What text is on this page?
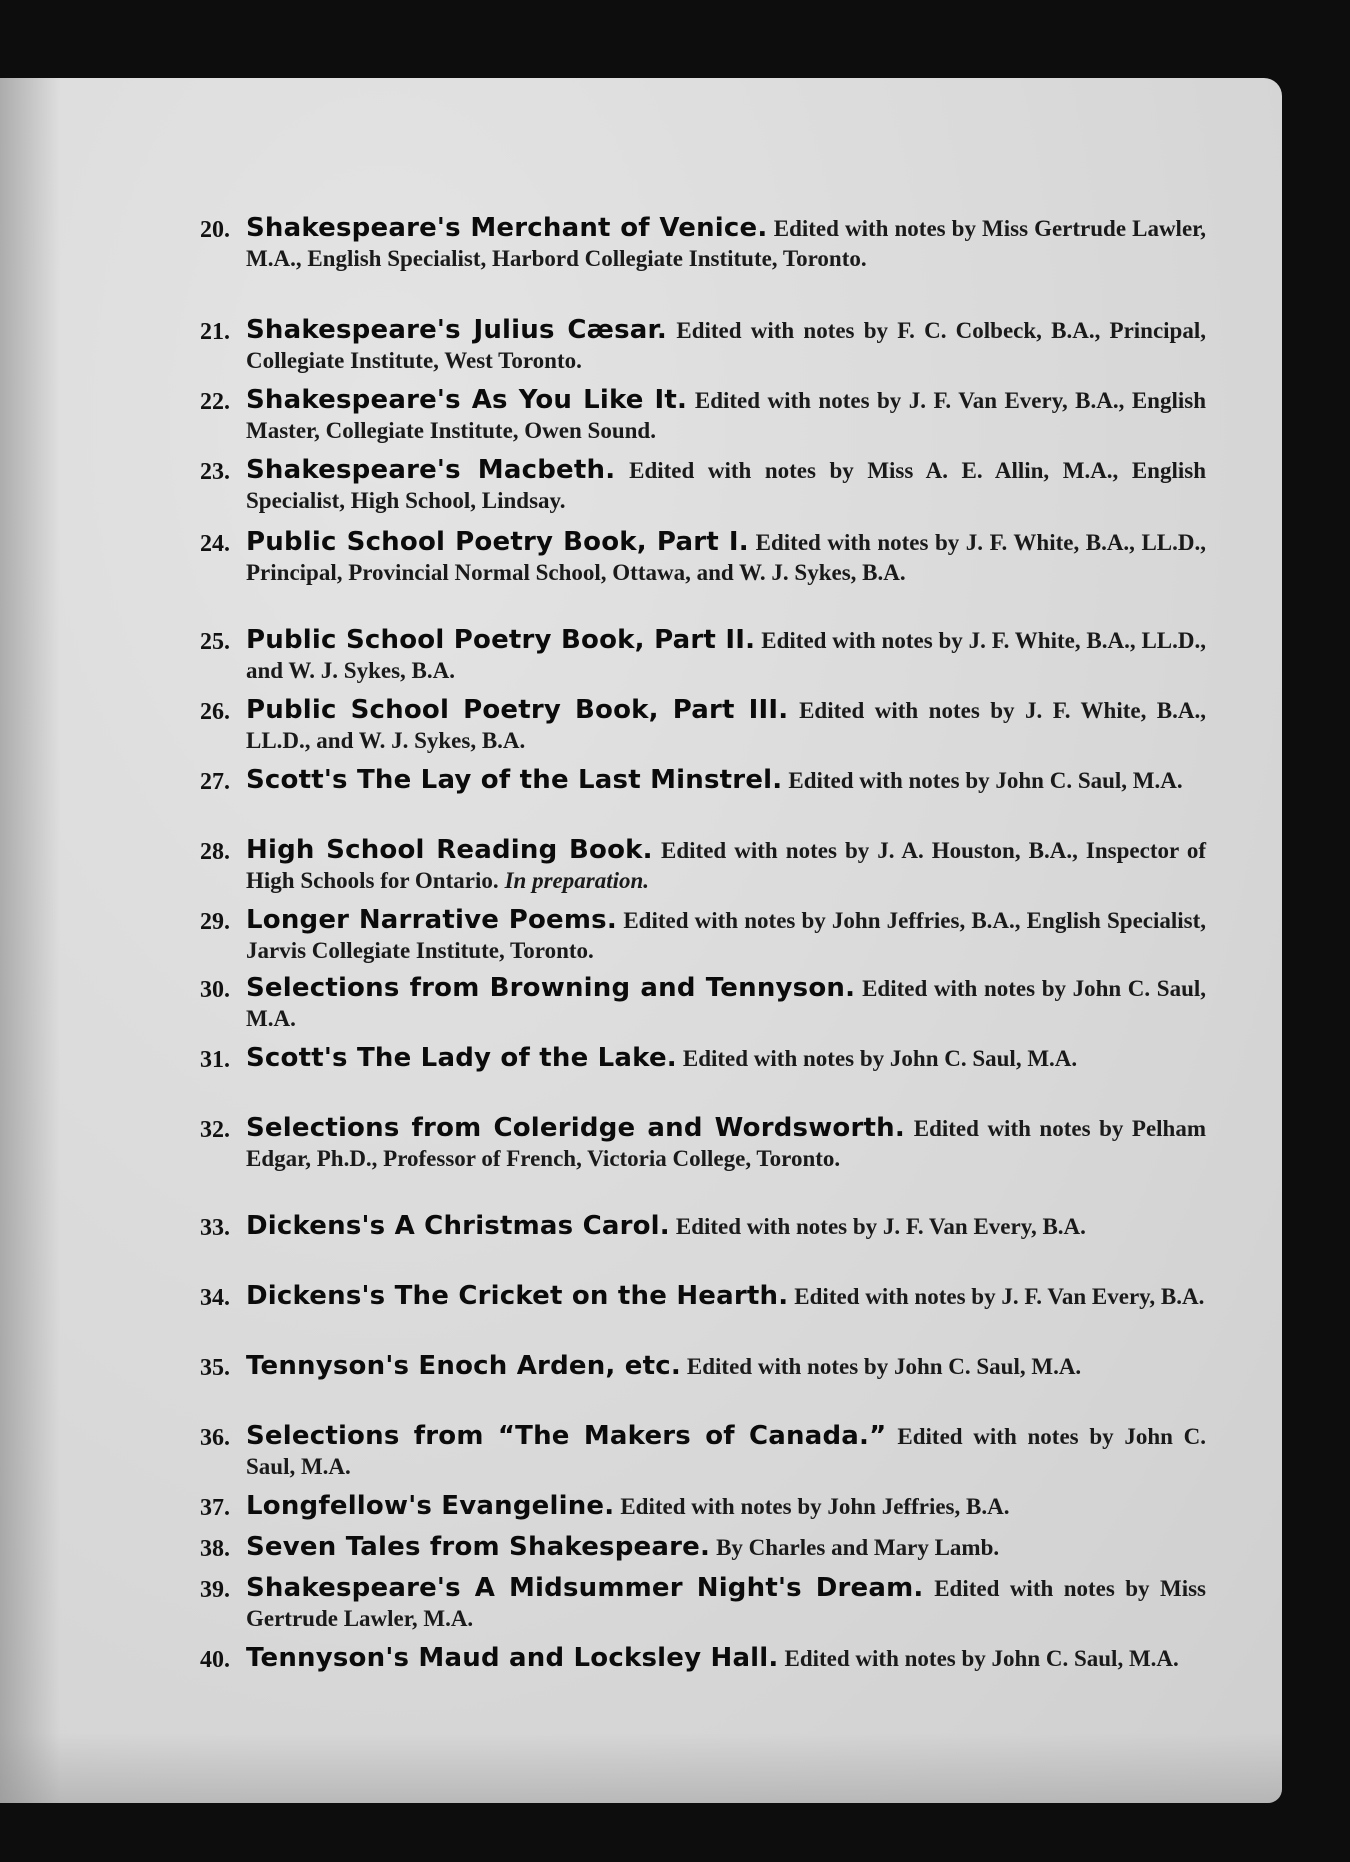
20. Shakespeare's Merchant of Venice. Edited with notes by Miss Gertrude Lawler, M.A., English Specialist, Harbord Collegiate Institute, Toronto.
21. Shakespeare's Julius Cæsar. Edited with notes by F. C. Colbeck, B.A., Principal, Collegiate Institute, West Toronto.
22. Shakespeare's As You Like It. Edited with notes by J. F. Van Every, B.A., English Master, Collegiate Institute, Owen Sound.
23. Shakespeare's Macbeth. Edited with notes by Miss A. E. Allin, M.A., English Specialist, High School, Lindsay.
24. Public School Poetry Book, Part I. Edited with notes by J. F. White, B.A., LL.D., Principal, Provincial Normal School, Ottawa, and W. J. Sykes, B.A.
25. Public School Poetry Book, Part II. Edited with notes by J. F. White, B.A., LL.D., and W. J. Sykes, B.A.
26. Public School Poetry Book, Part III. Edited with notes by J. F. White, B.A., LL.D., and W. J. Sykes, B.A.
27. Scott's The Lay of the Last Minstrel. Edited with notes by John C. Saul, M.A.
28. High School Reading Book. Edited with notes by J. A. Houston, B.A., Inspector of High Schools for Ontario. In preparation.
29. Longer Narrative Poems. Edited with notes by John Jeffries, B.A., English Specialist, Jarvis Collegiate Institute, Toronto.
30. Selections from Browning and Tennyson. Edited with notes by John C. Saul, M.A.
31. Scott's The Lady of the Lake. Edited with notes by John C. Saul, M.A.
32. Selections from Coleridge and Wordsworth. Edited with notes by Pelham Edgar, Ph.D., Professor of French, Victoria College, Toronto.
33. Dickens's A Christmas Carol. Edited with notes by J. F. Van Every, B.A.
34. Dickens's The Cricket on the Hearth. Edited with notes by J. F. Van Every, B.A.
35. Tennyson's Enoch Arden, etc. Edited with notes by John C. Saul, M.A.
36. Selections from “The Makers of Canada.” Edited with notes by John C. Saul, M.A.
37. Longfellow's Evangeline. Edited with notes by John Jeffries, B.A.
38. Seven Tales from Shakespeare. By Charles and Mary Lamb.
39. Shakespeare's A Midsummer Night's Dream. Edited with notes by Miss Gertrude Lawler, M.A.
40. Tennyson's Maud and Locksley Hall. Edited with notes by John C. Saul, M.A.
